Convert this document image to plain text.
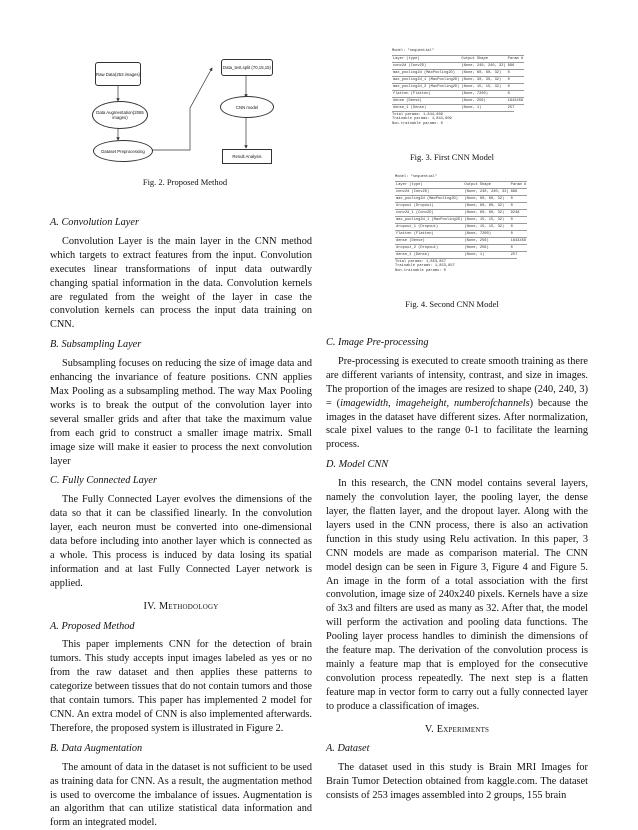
Raw Data(253 images)
Data Augmentation(2065 images)
Dataset Preprocessing
Data_test,split (70,15,15)
CNN model
Result Analysis
Fig. 2. Proposed Method
Model: "sequential"
Layer (type)	Output Shape	Param #
conv2d (Conv2D)	(None, 240, 240, 32)	896
max_pooling2d (MaxPooling2D)	(None, 60, 60, 32)	0
max_pooling2d_1 (MaxPooling2D)	(None, 30, 30, 32)	0
max_pooling2d_2 (MaxPooling2D)	(None, 15, 15, 32)	0
flatten (Flatten)	(None, 7200)	0
dense (Dense)	(None, 256)	1843456
dense_1 (Dense)	(None, 1)	257
Total params: 1,844,609
Trainable params: 1,844,609
Non-trainable params: 0
Fig. 3. First CNN Model
Model: "sequential"
Layer (type)	Output Shape	Param #
conv2d (Conv2D)	(None, 240, 240, 32)	896
max_pooling2d (MaxPooling2D)	(None, 60, 60, 32)	0
dropout (Dropout)	(None, 60, 60, 32)	0
conv2d_1 (Conv2D)	(None, 60, 60, 32)	9248
max_pooling2d_1 (MaxPooling2D)	(None, 15, 15, 32)	0
dropout_1 (Dropout)	(None, 15, 15, 32)	0
flatten (Flatten)	(None, 7200)	0
dense (Dense)	(None, 256)	1843456
dropout_2 (Dropout)	(None, 256)	0
dense_1 (Dense)	(None, 1)	257
Total params: 1,853,857
Trainable params: 1,853,857
Non-trainable params: 0
Fig. 4. Second CNN Model
A. Convolution Layer

Convolution Layer is the main layer in the CNN method which targets to extract features from the input. Convolution executes linear transformations of input data outwardly changing spatial information in the data. Convolution kernels are regulated from the weight of the layer in case the convolution kernels can process the input data training on CNN.

B. Subsampling Layer

Subsampling focuses on reducing the size of image data and enhancing the invariance of feature positions. CNN applies Max Pooling as a subsampling method. The way Max Pooling works is to break the output of the convolution layer into several smaller grids and after that take the maximum value from each grid to construct a smaller image matrix. Small image size will make it easier to process the next convolution layer

C. Fully Connected Layer

The Fully Connected Layer evolves the dimensions of the data so that it can be classified linearly. In the convolution layer, each neuron must be converted into one-dimensional data before including into another layer which is connected as a whole. This process is induced by data losing its spatial information and at last Fully Connected Layer network is applied.

IV. Methodology
A. Proposed Method

This paper implements CNN for the detection of brain tumors. This study accepts input images labeled as yes or no from the raw dataset and then applies these patterns to categorize between tissues that do not contain tumors and those that contain tumors. This paper has implemented 2 model for CNN. An extra model of CNN is also implemented afterwards. Therefore, the proposed system is illustrated in Figure 2.

B. Data Augmentation

The amount of data in the dataset is not sufficient to be used as training data for CNN. As a result, the augmentation method is used to overcome the imbalance of issues. Augmentation is an algorithm that can utilize statistical data information and form an integrated model.

C. Image Pre-processing

Pre-processing is executed to create smooth training as there are different variants of intensity, contrast, and size in images. The proportion of the images are resized to shape (240, 240, 3) = (imagewidth, imageheight, numberofchannels) because the images in the dataset have different sizes. After normalization, scale pixel values to the range 0-1 to facilitate the learning process.

D. Model CNN

In this research, the CNN model contains several layers, namely the convolution layer, the pooling layer, the dense layer, the flatten layer, and the dropout layer. Along with the layers used in the CNN process, there is also an activation function in this study using Relu activation. In this paper, 3 CNN models are made as comparison material. The CNN model design can be seen in Figure 3, Figure 4 and Figure 5. An image in the form of a total association with the first convolution, image size of 240x240 pixels. Kernels have a size of 3x3 and filters are used as many as 32. After that, the model will perform the activation and pooling data functions. The Pooling layer process handles to diminish the dimensions of the feature map. The derivation of the convolution process is mainly a feature map that is employed for the consecutive convolution process repeatedly. The next step is a flatten feature map in vector form to carry out a fully connected layer to produce a classification of images.

V. Experiments
A. Dataset

The dataset used in this study is Brain MRI Images for Brain Tumor Detection obtained from kaggle.com. The dataset consists of 253 images assembled into 2 groups, 155 brain
